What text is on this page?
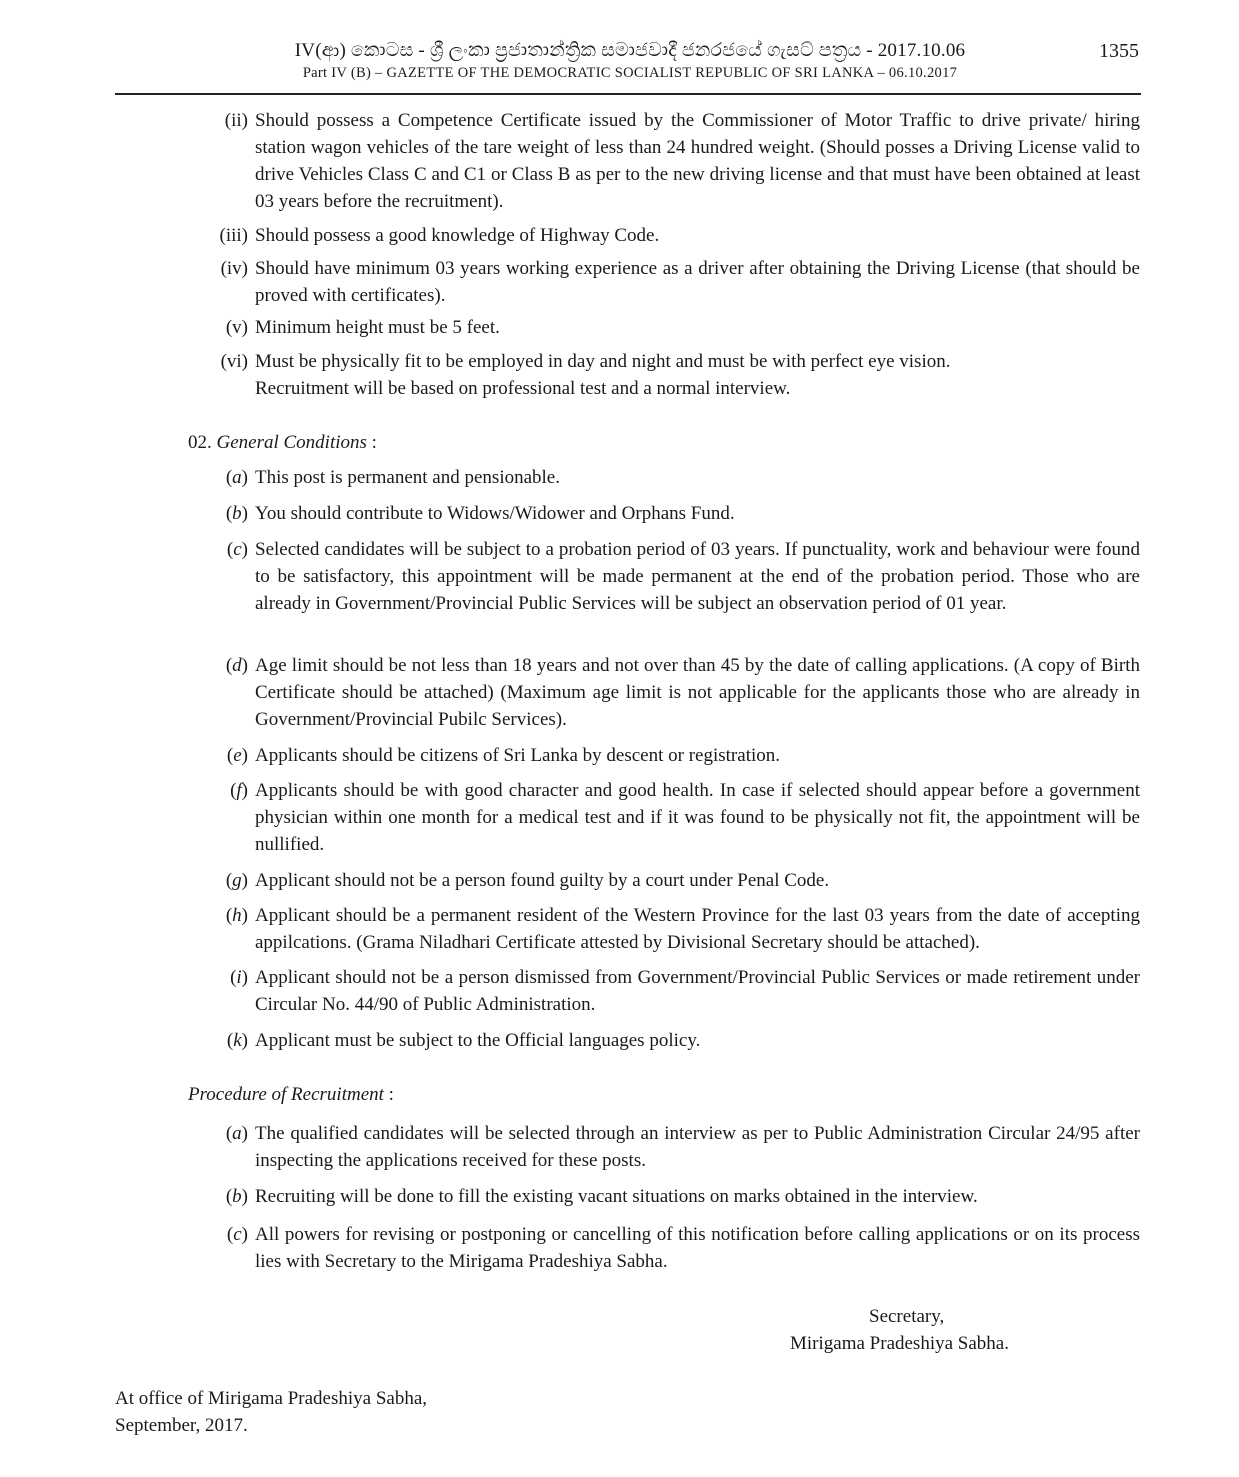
IV(ආ) කොටස - ශ්‍රී ලංකා ප්‍රජාතාන්ත්‍රික සමාජවාදී ජනරජයේ ගැසට් පත්‍රය - 2017.10.06
Part IV (B) – GAZETTE OF THE DEMOCRATIC SOCIALIST REPUBLIC OF SRI LANKA – 06.10.2017
1355
(ii) Should possess a Competence Certificate issued by the Commissioner of Motor Traffic to drive private/ hiring station wagon vehicles of the tare weight of less than 24 hundred weight. (Should posses a Driving License valid to drive Vehicles Class C and C1 or Class B as per to the new driving license and that must have been obtained at least 03 years before the recruitment).
(iii) Should possess a good knowledge of Highway Code.
(iv) Should have minimum 03 years working experience as a driver after obtaining the Driving License (that should be proved with certificates).
(v) Minimum height must be 5 feet.
(vi) Must be physically fit to be employed in day and night and must be with perfect eye vision.
Recruitment will be based on professional test and a normal interview.
02. General Conditions :
(a) This post is permanent and pensionable.
(b) You should contribute to Widows/Widower and Orphans Fund.
(c) Selected candidates will be subject to a probation period of 03 years. If punctuality, work and behaviour were found to be satisfactory, this appointment will be made permanent at the end of the probation period. Those who are already in Government/Provincial Public Services will be subject an observation period of 01 year.
(d) Age limit should be not less than 18 years and not over than 45 by the date of calling applications. (A copy of Birth Certificate should be attached) (Maximum age limit is not applicable for the applicants those who are already in Government/Provincial Pubilc Services).
(e) Applicants should be citizens of Sri Lanka by descent or registration.
(f) Applicants should be with good character and good health. In case if selected should appear before a government physician within one month for a medical test and if it was found to be physically not fit, the appointment will be nullified.
(g) Applicant should not be a person found guilty by a court under Penal Code.
(h) Applicant should be a permanent resident of the Western Province for the last 03 years from the date of accepting appilcations. (Grama Niladhari Certificate attested by Divisional Secretary should be attached).
(i) Applicant should not be a person dismissed from Government/Provincial Public Services or made retirement under Circular No. 44/90 of Public Administration.
(k) Applicant must be subject to the Official languages policy.
Procedure of Recruitment :
(a) The qualified candidates will be selected through an interview as per to Public Administration Circular 24/95 after inspecting the applications received for these posts.
(b) Recruiting will be done to fill the existing vacant situations on marks obtained in the interview.
(c) All powers for revising or postponing or cancelling of this notification before calling applications or on its process lies with Secretary to the Mirigama Pradeshiya Sabha.
Secretary,
Mirigama Pradeshiya Sabha.
At office of Mirigama Pradeshiya Sabha,
September, 2017.
